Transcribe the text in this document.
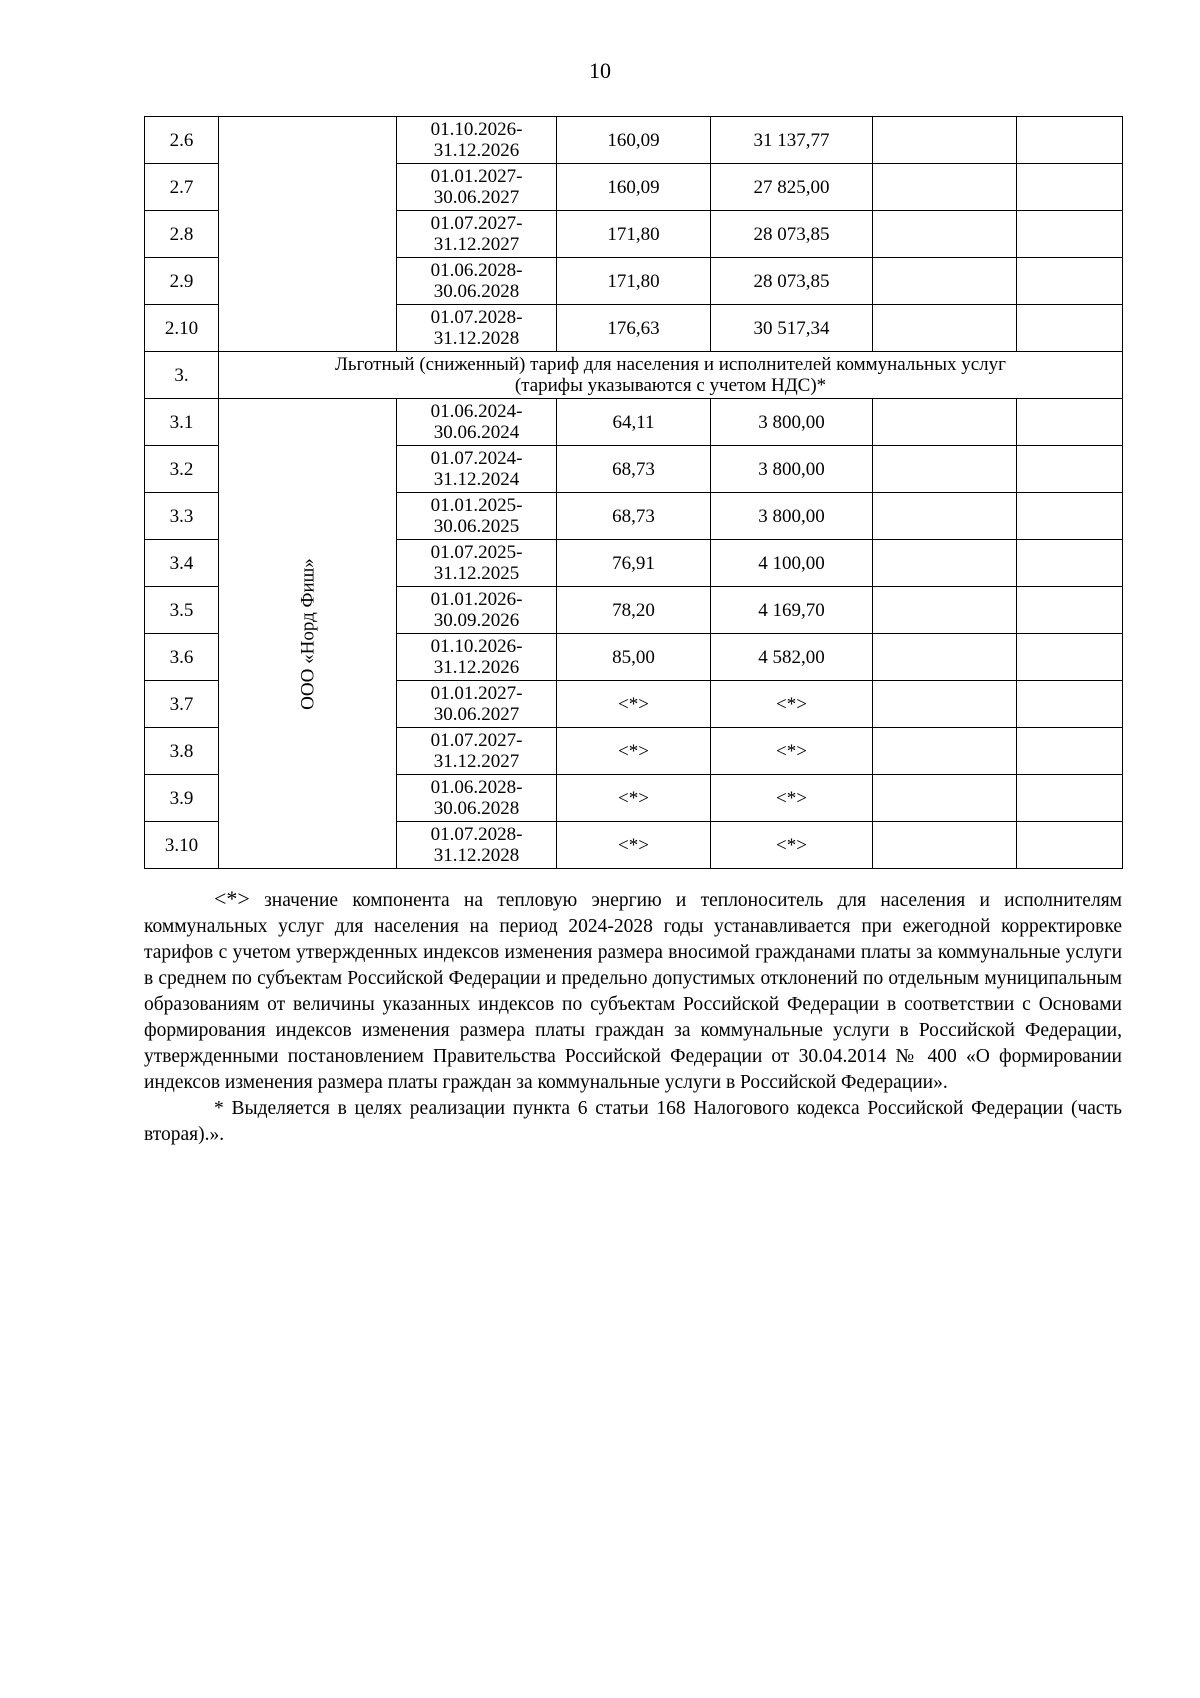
10
2.6		01.10.2026-
31.12.2026	160,09	31 137,77		
2.7		01.01.2027-
30.06.2027	160,09	27 825,00		
2.8		01.07.2027-
31.12.2027	171,80	28 073,85		
2.9		01.06.2028-
30.06.2028	171,80	28 073,85		
2.10		01.07.2028-
31.12.2028	176,63	30 517,34		
3.	Льготный (сниженный) тариф для населения и исполнителей коммунальных услуг
(тарифы указываются с учетом НДС)*					

3.1	ООО «Норд Фиш»	01.06.2024-
30.06.2024	64,11	3 800,00		
3.2		01.07.2024-
31.12.2024	68,73	3 800,00		
3.3		01.01.2025-
30.06.2025	68,73	3 800,00		
3.4		01.07.2025-
31.12.2025	76,91	4 100,00		
3.5		01.01.2026-
30.09.2026	78,20	4 169,70		
3.6		01.10.2026-
31.12.2026	85,00	4 582,00		
3.7		01.01.2027-
30.06.2027	<*>	<*>		
3.8		01.07.2027-
31.12.2027	<*>	<*>		
3.9		01.06.2028-
30.06.2028	<*>	<*>		
3.10		01.07.2028-
31.12.2028	<*>	<*>		

<*> значение компонента на тепловую энергию и теплоноситель для населения и исполнителям коммунальных услуг для населения на период 2024-2028 годы устанавливается при ежегодной корректировке тарифов с учетом утвержденных индексов изменения размера вносимой гражданами платы за коммунальные услуги в среднем по субъектам Российской Федерации и предельно допустимых отклонений по отдельным муниципальным образованиям от величины указанных индексов по субъектам Российской Федерации в соответствии с Основами формирования индексов изменения размера платы граждан за коммунальные услуги в Российской Федерации, утвержденными постановлением Правительства Российской Федерации от 30.04.2014 № 400 «О формировании индексов изменения размера платы граждан за коммунальные услуги в Российской Федерации».

* Выделяется в целях реализации пункта 6 статьи 168 Налогового кодекса Российской Федерации (часть вторая).».
